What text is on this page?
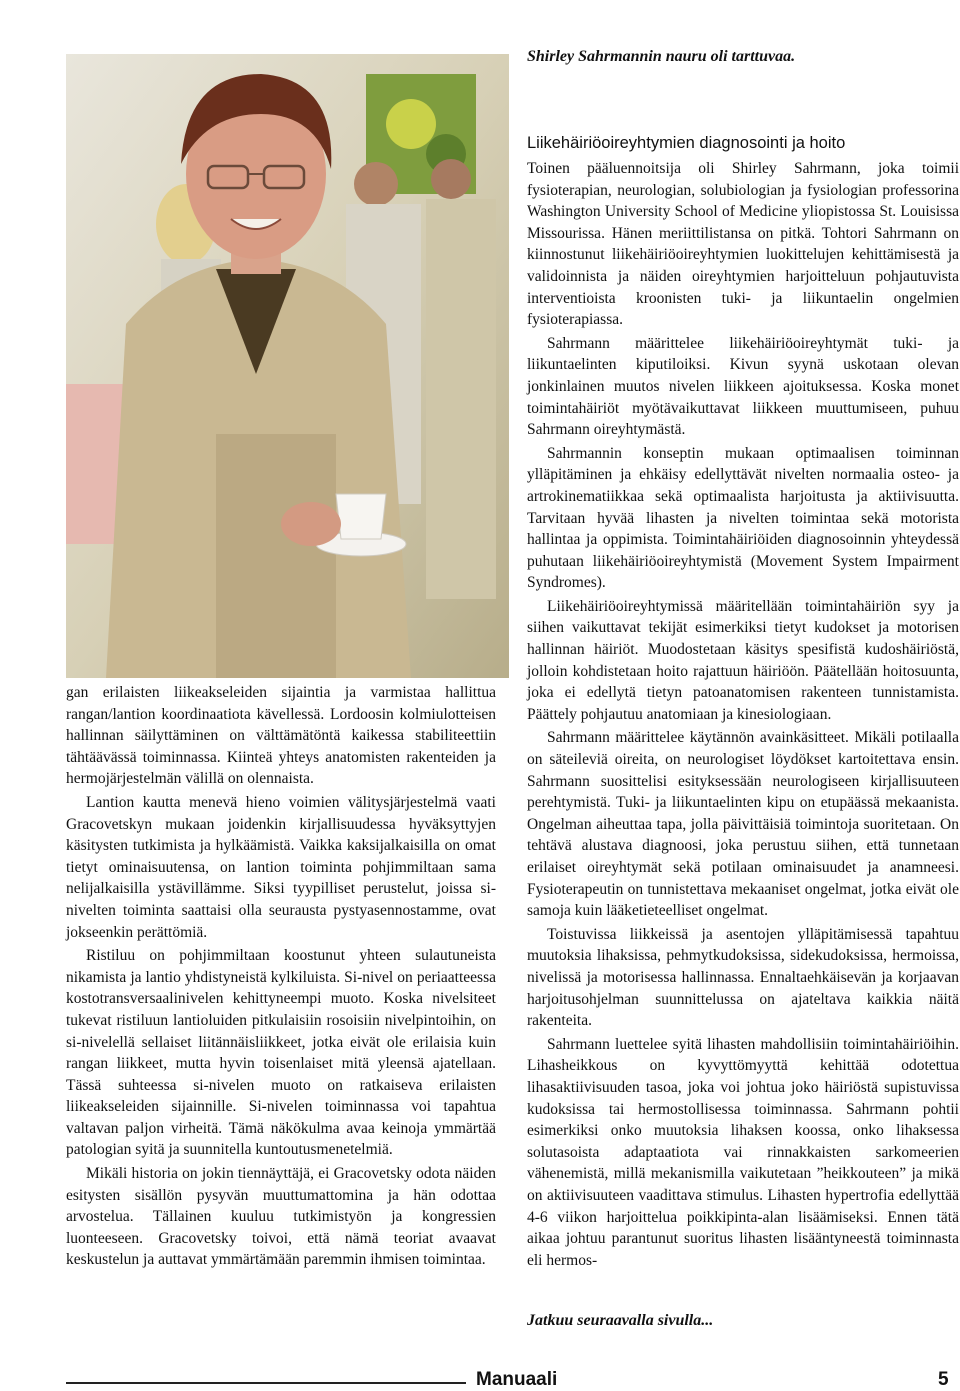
Shirley Sahrmannin nauru oli tarttuvaa.

gan erilaisten liikeakseleiden sijaintia ja varmistaa hallittua rangan/lantion koordinaatiota kävellessä. Lordoosin kolmiulotteisen hallinnan säilyttäminen on välttämätöntä kaikessa stabiliteettiin tähtäävässä toiminnassa. Kiinteä yhteys anatomisten rakenteiden ja hermojärjestelmän välillä on olennaista.

Lantion kautta menevä hieno voimien välitysjärjestelmä vaati Gracovetskyn mukaan joidenkin kirjallisuudessa hyväksyttyjen käsitysten tutkimista ja hylkäämistä. Vaikka kaksijalkaisilla on omat tietyt ominaisuutensa, on lantion toiminta pohjimmiltaan sama nelijalkaisilla ystävillämme. Siksi tyypilliset perustelut, joissa si-nivelten toiminta saattaisi olla seurausta pystyasennostamme, ovat jokseenkin perättömiä.

Ristiluu on pohjimmiltaan koostunut yhteen sulautuneista nikamista ja lantio yhdistyneistä kylkiluista. Si-nivel on periaatteessa kostotransversaalinivelen kehittyneempi muoto. Koska nivelsiteet tukevat ristiluun lantioluiden pitkulaisiin rosoisiin nivelpintoihin, on si-nivelellä sellaiset liitännäisliikkeet, jotka eivät ole erilaisia kuin rangan liikkeet, mutta hyvin toisenlaiset mitä yleensä ajatellaan. Tässä suhteessa si-nivelen muoto on ratkaiseva erilaisten liikeakseleiden sijainnille. Si-nivelen toiminnassa voi tapahtua valtavan paljon virheitä. Tämä näkökulma avaa keinoja ymmärtää patologian syitä ja suunnitella kuntoutusmenetelmiä.

Mikäli historia on jokin tiennäyttäjä, ei Gracovetsky odota näiden esitysten sisällön pysyvän muuttumattomina ja hän odottaa arvostelua. Tällainen kuuluu tutkimistyön ja kongressien luonteeseen. Gracovetsky toivoi, että nämä teoriat avaavat keskustelun ja auttavat ymmärtämään paremmin ihmisen toimintaa.

Liikehäiriöoireyhtymien diagnosointi ja hoito

Toinen pääluennoitsija oli Shirley Sahrmann, joka toimii fysioterapian, neurologian, solubiologian ja fysiologian professorina Washington University School of Medicine yliopistossa St. Louisissa Missourissa. Hänen meriittilistansa on pitkä. Tohtori Sahrmann on kiinnostunut liikehäiriöoireyhtymien luokittelujen kehittämisestä ja validoinnista ja näiden oireyhtymien harjoitteluun pohjautuvista interventioista kroonisten tuki- ja liikuntaelin ongelmien fysioterapiassa.

Sahrmann määrittelee liikehäiriöoireyhtymät tuki- ja liikuntaelinten kiputiloiksi. Kivun syynä uskotaan olevan jonkinlainen muutos nivelen liikkeen ajoituksessa. Koska monet toimintahäiriöt myötävaikuttavat liikkeen muuttumiseen, puhuu Sahrmann oireyhtymästä.

Sahrmannin konseptin mukaan optimaalisen toiminnan ylläpitäminen ja ehkäisy edellyttävät nivelten normaalia osteo- ja artrokinematiikkaa sekä optimaalista harjoitusta ja aktiivisuutta. Tarvitaan hyvää lihasten ja nivelten toimintaa sekä motorista hallintaa ja oppimista. Toimintahäiriöiden diagnosoinnin yhteydessä puhutaan liikehäiriöoireyhtymistä (Movement System Impairment Syndromes).

Liikehäiriöoireyhtymissä määritellään toimintahäiriön syy ja siihen vaikuttavat tekijät esimerkiksi tietyt kudokset ja motorisen hallinnan häiriöt. Muodostetaan käsitys spesifistä kudoshäiriöstä, jolloin kohdistetaan hoito rajattuun häiriöön. Päätellään hoitosuunta, joka ei edellytä tietyn patoanatomisen rakenteen tunnistamista. Päättely pohjautuu anatomiaan ja kinesiologiaan.

Sahrmann määrittelee käytännön avainkäsitteet. Mikäli potilaalla on säteileviä oireita, on neurologiset löydökset kartoitettava ensin. Sahrmann suosittelisi esityksessään neurologiseen kirjallisuuteen perehtymistä. Tuki- ja liikuntaelinten kipu on etupäässä mekaanista. Ongelman aiheuttaa tapa, jolla päivittäisiä toimintoja suoritetaan. On tehtävä alustava diagnoosi, joka perustuu siihen, että tunnetaan erilaiset oireyhtymät sekä potilaan ominaisuudet ja anamneesi. Fysioterapeutin on tunnistettava mekaaniset ongelmat, jotka eivät ole samoja kuin lääketieteelliset ongelmat.

Toistuvissa liikkeissä ja asentojen ylläpitämisessä tapahtuu muutoksia lihaksissa, pehmytkudoksissa, sidekudoksissa, hermoissa, nivelissä ja motorisessa hallinnassa. Ennaltaehkäisevän ja korjaavan harjoitusohjelman suunnittelussa on ajateltava kaikkia näitä rakenteita.

Sahrmann luettelee syitä lihasten mahdollisiin toimintahäiriöihin. Lihasheikkous on kyvyttömyyttä kehittää odotettua lihasaktiivisuuden tasoa, joka voi johtua joko häiriöstä supistuvissa kudoksissa tai hermostollisessa toiminnassa. Sahrmann pohtii esimerkiksi onko muutoksia lihaksen koossa, onko lihaksessa solutasoista adaptaatiota vai rinnakkaisten sarkomeerien vähenemistä, millä mekanismilla vaikutetaan ”heikkouteen” ja mikä on aktiivisuuteen vaadittava stimulus. Lihasten hypertrofia edellyttää 4-6 viikon harjoittelua poikkipinta-alan lisäämiseksi. Ennen tätä aikaa johtuu parantunut suoritus lihasten lisääntyneestä toiminnasta eli hermos-

Jatkuu seuraavalla sivulla...
Manuaali	5
